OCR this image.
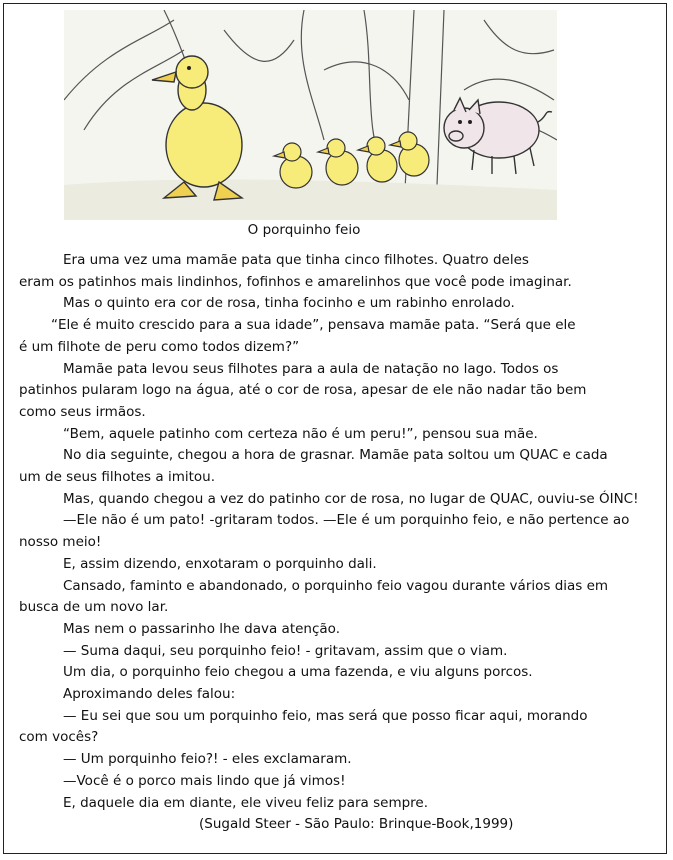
O porquinho feio

Era uma vez uma mamãe pata que tinha cinco filhotes. Quatro deles

eram os patinhos mais lindinhos, fofinhos e amarelinhos que você pode imaginar.

Mas o quinto era cor de rosa, tinha focinho e um rabinho enrolado.

“Ele é muito crescido para a sua idade”, pensava mamãe pata. “Será que ele

é um filhote de peru como todos dizem?”

Mamãe pata levou seus filhotes para a aula de natação no lago. Todos os

patinhos pularam logo na água, até o cor de rosa, apesar de ele não nadar tão bem

como seus irmãos.

“Bem, aquele patinho com certeza não é um peru!”, pensou sua mãe.

No dia seguinte, chegou a hora de grasnar. Mamãe pata soltou um QUAC e cada

um de seus filhotes a imitou.

Mas, quando chegou a vez do patinho cor de rosa, no lugar de QUAC, ouviu-se ÓINC!

—Ele não é um pato! -gritaram todos. —Ele é um porquinho feio, e não pertence ao

nosso meio!

E, assim dizendo, enxotaram o porquinho dali.

Cansado, faminto e abandonado, o porquinho feio vagou durante vários dias em

busca de um novo lar.

Mas nem o passarinho lhe dava atenção.

— Suma daqui, seu porquinho feio! - gritavam, assim que o viam.

Um dia, o porquinho feio chegou a uma fazenda, e viu alguns porcos.

Aproximando deles falou:

— Eu sei que sou um porquinho feio, mas será que posso ficar aqui, morando

com vocês?

— Um porquinho feio?! - eles exclamaram.

—Você é o porco mais lindo que já vimos!

E, daquele dia em diante, ele viveu feliz para sempre.

(Sugald Steer - São Paulo: Brinque-Book,1999)
